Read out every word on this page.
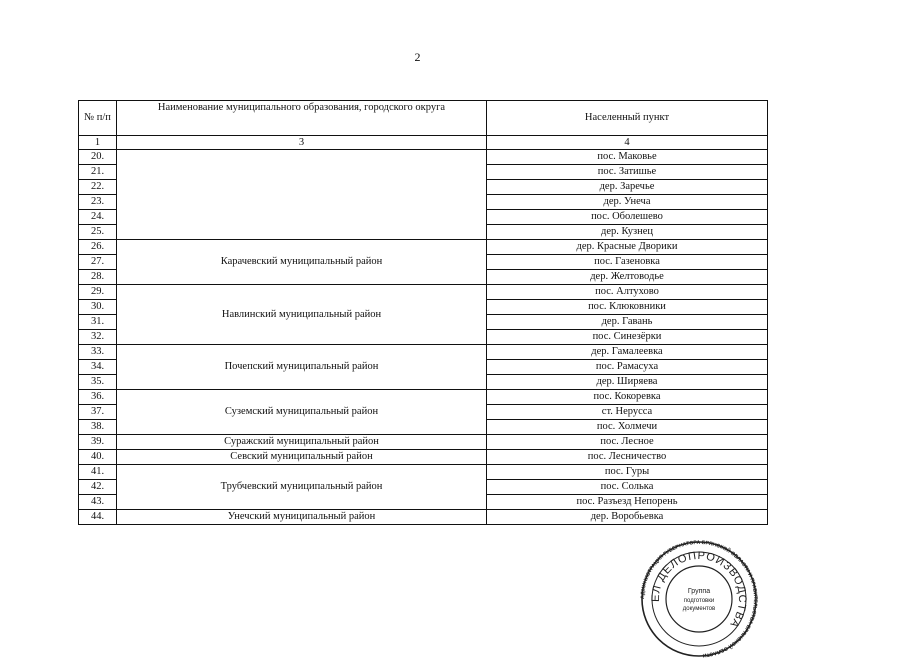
2
№ п/п	Наименование муниципального образования, городского округа	Населенный пункт
1	3	4
20.		пос. Маковье
21.		пос. Затишье
22.		дер. Заречье
23.		дер. Унеча
24.		пос. Оболешево
25.		дер. Кузнец
26.	Карачевский муниципальный район	дер. Красные Дворики
27.		пос. Газеновка
28.		дер. Желтоводье
29.	Навлинский муниципальный район	пос. Алтухово
30.		пос. Клюковники
31.		дер. Гавань
32.		пос. Синезёрки
33.	Почепский муниципальный район	дер. Гамалеевка
34.		пос. Рамасуха
35.		дер. Ширяева
36.	Суземский муниципальный район	пос. Кокоревка
37.		ст. Нерусса
38.		пос. Холмечи
39.	Суражский муниципальный район	пос. Лесное
40.	Севский муниципальный район	пос. Лесничество
41.	Трубчевский муниципальный район	пос. Гуры
42.		пос. Солька
43.		пос. Разъезд Непорень
44.	Унечский муниципальный район	дер. Воробьевка
АДМИНИСТРАЦИЯ ГУБЕРНАТОРА БРЯНСКОЙ ОБЛАСТИ И ПРАВИТЕЛЬСТВА БРЯНСКОЙ ОБЛАСТИ
ЕЛ ДЕЛОПРОИЗВОДСТВА
Группа
подготовки
документов
